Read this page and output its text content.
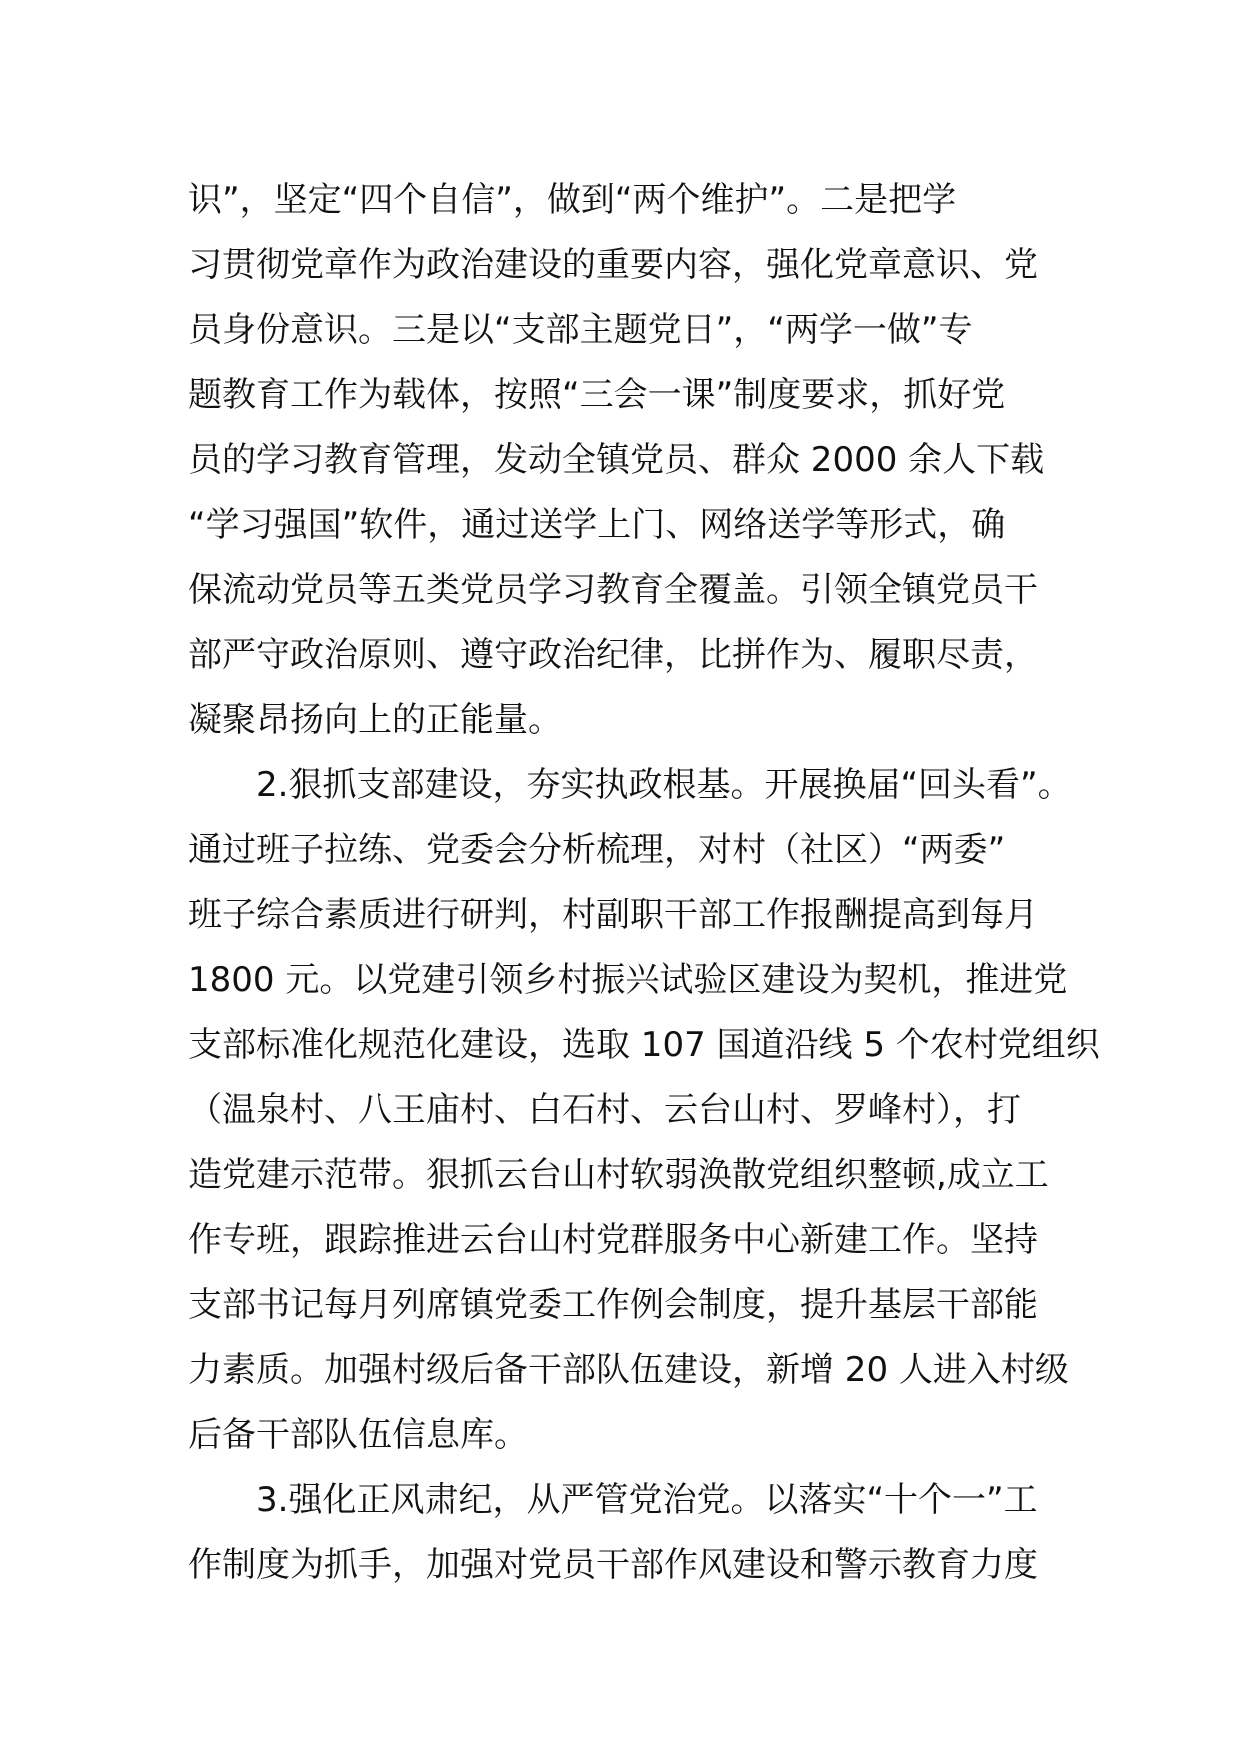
识”，坚定“四个自信”，做到“两个维护”。二是把学
习贯彻党章作为政治建设的重要内容，强化党章意识、党
员身份意识。三是以“支部主题党日”，“两学一做”专
题教育工作为载体，按照“三会一课”制度要求，抓好党
员的学习教育管理，发动全镇党员、群众 2000 余人下载
“学习强国”软件，通过送学上门、网络送学等形式，确
保流动党员等五类党员学习教育全覆盖。引领全镇党员干
部严守政治原则、遵守政治纪律，比拼作为、履职尽责，
凝聚昂扬向上的正能量。
2.狠抓支部建设，夯实执政根基。开展换届“回头看”。
通过班子拉练、党委会分析梳理，对村（社区）“两委”
班子综合素质进行研判，村副职干部工作报酬提高到每月
1800 元。以党建引领乡村振兴试验区建设为契机，推进党
支部标准化规范化建设，选取 107 国道沿线 5 个农村党组织
（温泉村、八王庙村、白石村、云台山村、罗峰村），打
造党建示范带。狠抓云台山村软弱涣散党组织整顿,成立工
作专班，跟踪推进云台山村党群服务中心新建工作。坚持
支部书记每月列席镇党委工作例会制度，提升基层干部能
力素质。加强村级后备干部队伍建设，新增 20 人进入村级
后备干部队伍信息库。
3.强化正风肃纪，从严管党治党。以落实“十个一”工
作制度为抓手，加强对党员干部作风建设和警示教育力度
